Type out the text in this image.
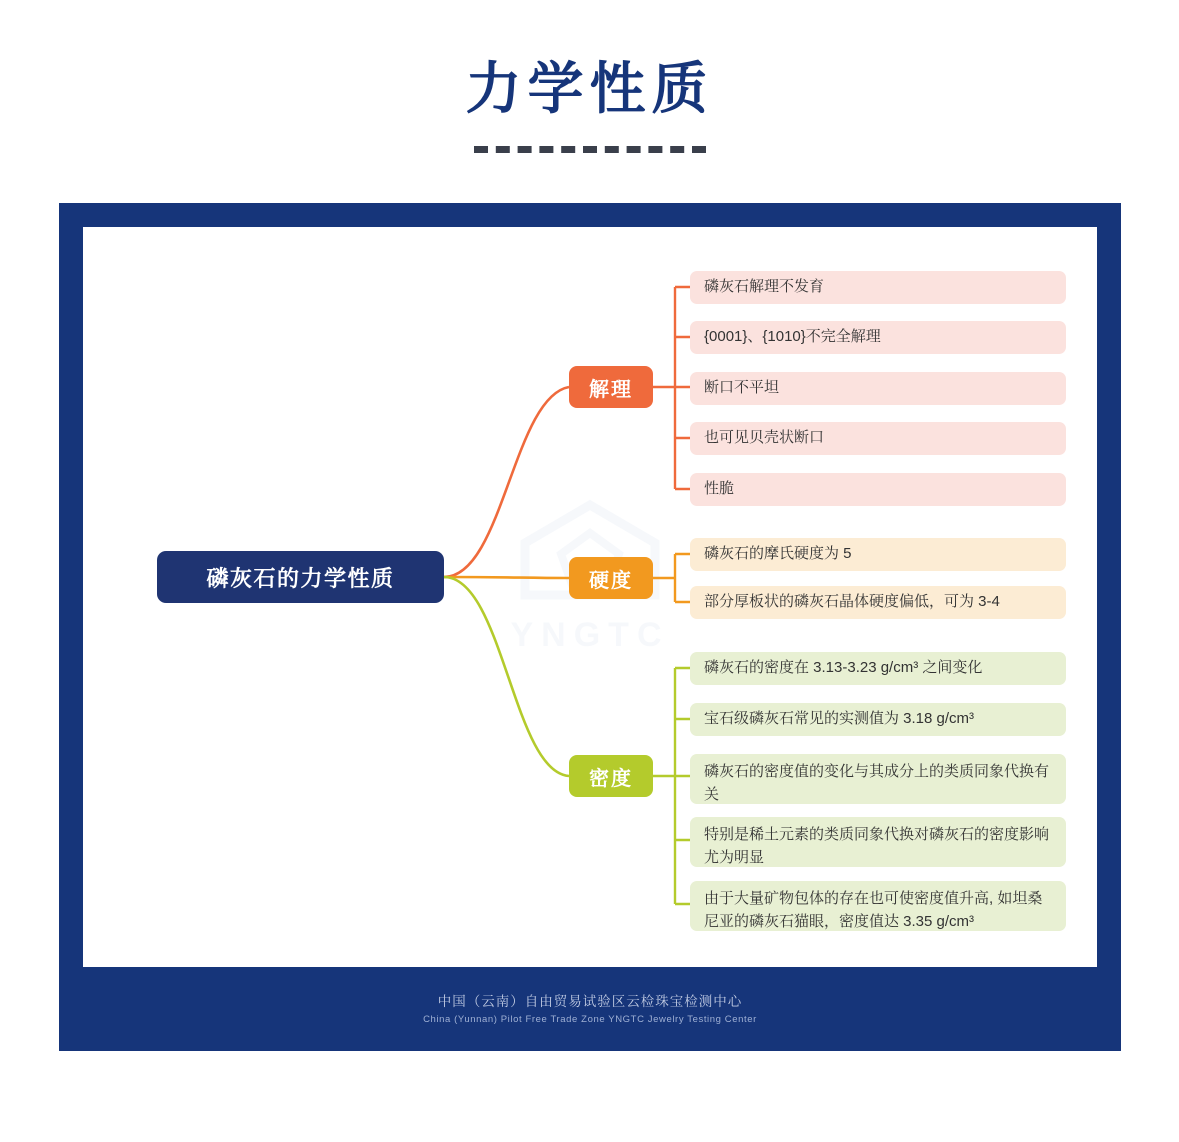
力学性质
YNGTC
磷灰石的力学性质
解理
磷灰石解理不发育
{0001}、{1010}不完全解理
断口不平坦
也可见贝壳状断口
性脆
硬度
磷灰石的摩氏硬度为 5
部分厚板状的磷灰石晶体硬度偏低，可为 3-4
密度
磷灰石的密度在 3.13-3.23 g/cm³ 之间变化
宝石级磷灰石常见的实测值为 3.18 g/cm³
磷灰石的密度值的变化与其成分上的类质同象代换有关
特别是稀土元素的类质同象代换对磷灰石的密度影响尤为明显
由于大量矿物包体的存在也可使密度值升高, 如坦桑尼亚的磷灰石猫眼，密度值达 3.35 g/cm³
中国（云南）自由贸易试验区云检珠宝检测中心
China (Yunnan) Pilot Free Trade Zone YNGTC Jewelry Testing Center
